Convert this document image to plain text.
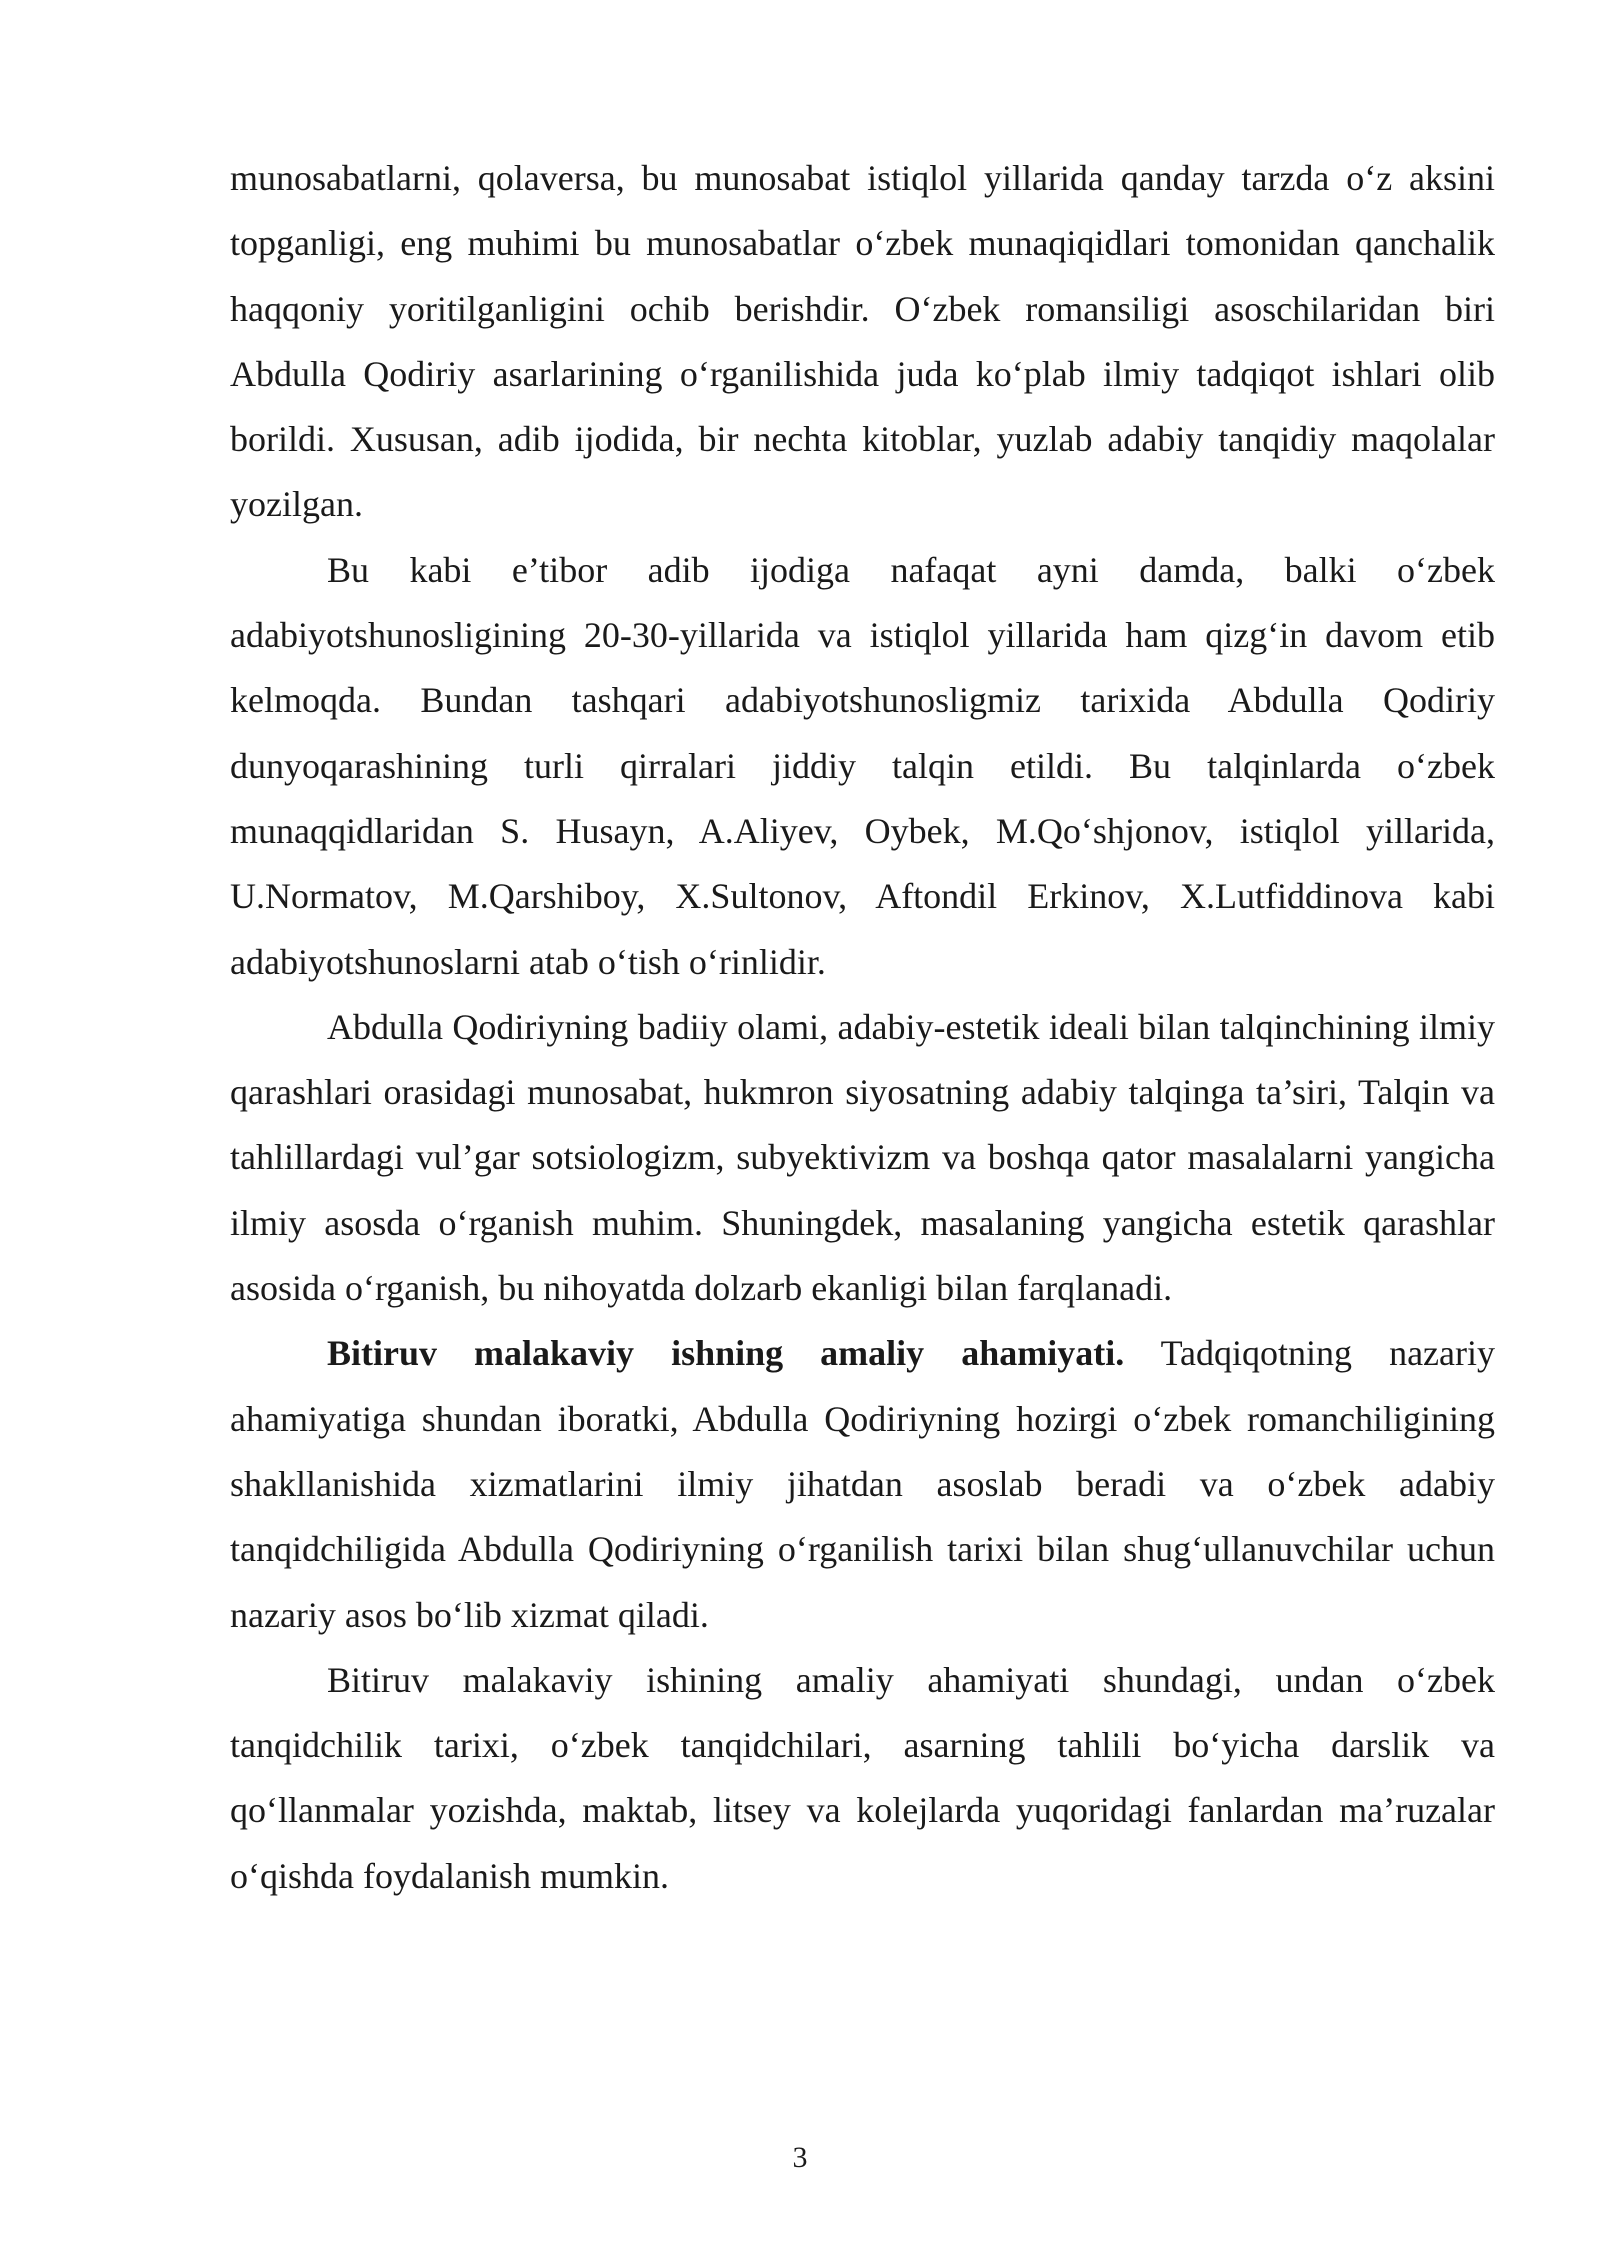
munosabatlarni, qolaversa, bu munosabat istiqlol yillarida qanday tarzda o‘z aksini topganligi, eng muhimi bu munosabatlar o‘zbek munaqiqidlari tomonidan qanchalik haqqoniy yoritilganligini ochib berishdir. O‘zbek romansiligi asoschilaridan biri Abdulla Qodiriy asarlarining o‘rganilishida juda ko‘plab ilmiy tadqiqot ishlari olib borildi. Xususan, adib ijodida, bir nechta kitoblar, yuzlab adabiy tanqidiy maqolalar yozilgan.

Bu kabi e’tibor adib ijodiga nafaqat ayni damda, balki o‘zbek adabiyotshunosligining 20-30-yillarida va istiqlol yillarida ham qizg‘in davom etib kelmoqda. Bundan tashqari adabiyotshunosligmiz tarixida Abdulla Qodiriy dunyoqarashining turli qirralari jiddiy talqin etildi. Bu talqinlarda o‘zbek munaqqidlaridan S. Husayn, A.Aliyev, Oybek, M.Qo‘shjonov, istiqlol yillarida, U.Normatov, M.Qarshiboy, X.Sultonov, Aftondil Erkinov, X.Lutfiddinova kabi adabiyotshunoslarni atab o‘tish o‘rinlidir.

Abdulla Qodiriyning badiiy olami, adabiy-estetik ideali bilan talqinchining ilmiy qarashlari orasidagi munosabat, hukmron siyosatning adabiy talqinga ta’siri, Talqin va tahlillardagi vul’gar sotsiologizm, subyektivizm va boshqa qator masalalarni yangicha ilmiy asosda o‘rganish muhim. Shuningdek, masalaning yangicha estetik qarashlar asosida o‘rganish, bu nihoyatda dolzarb ekanligi bilan farqlanadi.

Bitiruv malakaviy ishning amaliy ahamiyati. Tadqiqotning nazariy ahamiyatiga shundan iboratki, Abdulla Qodiriyning hozirgi o‘zbek romanchiligining shakllanishida xizmatlarini ilmiy jihatdan asoslab beradi va o‘zbek adabiy tanqidchiligida Abdulla Qodiriyning o‘rganilish tarixi bilan shug‘ullanuvchilar uchun nazariy asos bo‘lib xizmat qiladi.

Bitiruv malakaviy ishining amaliy ahamiyati shundagi, undan o‘zbek tanqidchilik tarixi, o‘zbek tanqidchilari, asarning tahlili bo‘yicha darslik va qo‘llanmalar yozishda, maktab, litsey va kolejlarda yuqoridagi fanlardan ma’ruzalar o‘qishda foydalanish mumkin.

3
